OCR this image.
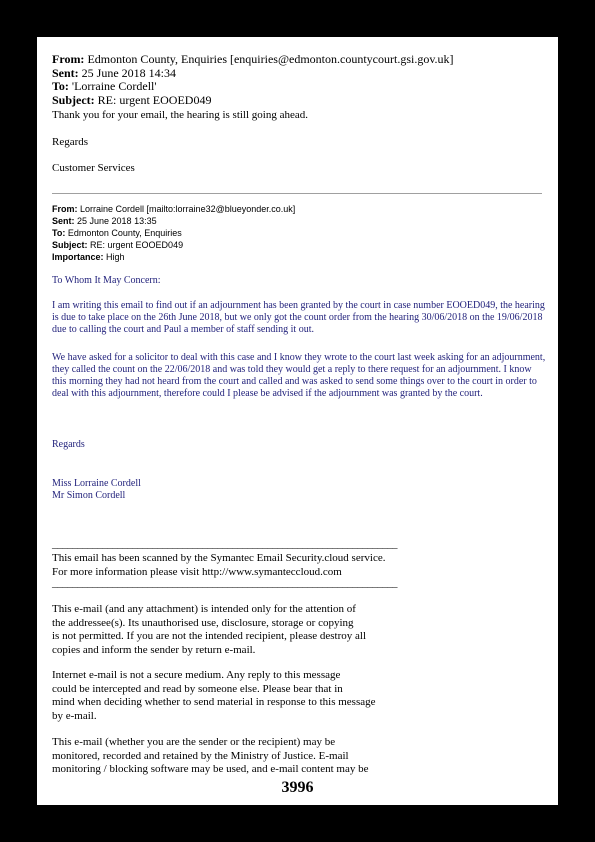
From: Edmonton County, Enquiries [enquiries@edmonton.countycourt.gsi.gov.uk]
Sent: 25 June 2018 14:34
To: 'Lorraine Cordell'
Subject: RE: urgent EOOED049
Thank you for your email, the hearing is still going ahead.
Regards
Customer Services
From: Lorraine Cordell [mailto:lorraine32@blueyonder.co.uk]
Sent: 25 June 2018 13:35
To: Edmonton County, Enquiries
Subject: RE: urgent EOOED049
Importance: High
To Whom It May Concern:
I am writing this email to find out if an adjournment has been granted by the court in case number EOOED049, the hearing is due to take place on the 26th June 2018, but we only got the count order from the hearing 30/06/2018 on the 19/06/2018 due to calling the court and Paul a member of staff sending it out.
We have asked for a solicitor to deal with this case and I know they wrote to the court last week asking for an adjournment, they called the count on the 22/06/2018 and was told they would get a reply to there request for an adjournment. I know this morning they had not heard from the court and called and was asked to send some things over to the court in order to deal with this adjournment, therefore could I please be advised if the adjournment was granted by the court.
Regards
Miss Lorraine Cordell
Mr Simon Cordell
_____________________________________________________________________
This email has been scanned by the Symantec Email Security.cloud service.
For more information please visit http://www.symanteccloud.com
_____________________________________________________________________
This e-mail (and any attachment) is intended only for the attention of
the addressee(s). Its unauthorised use, disclosure, storage or copying
is not permitted. If you are not the intended recipient, please destroy all
copies and inform the sender by return e-mail.
Internet e-mail is not a secure medium. Any reply to this message
could be intercepted and read by someone else. Please bear that in
mind when deciding whether to send material in response to this message
by e-mail.
This e-mail (whether you are the sender or the recipient) may be
monitored, recorded and retained by the Ministry of Justice. E-mail
monitoring / blocking software may be used, and e-mail content may be
3996
